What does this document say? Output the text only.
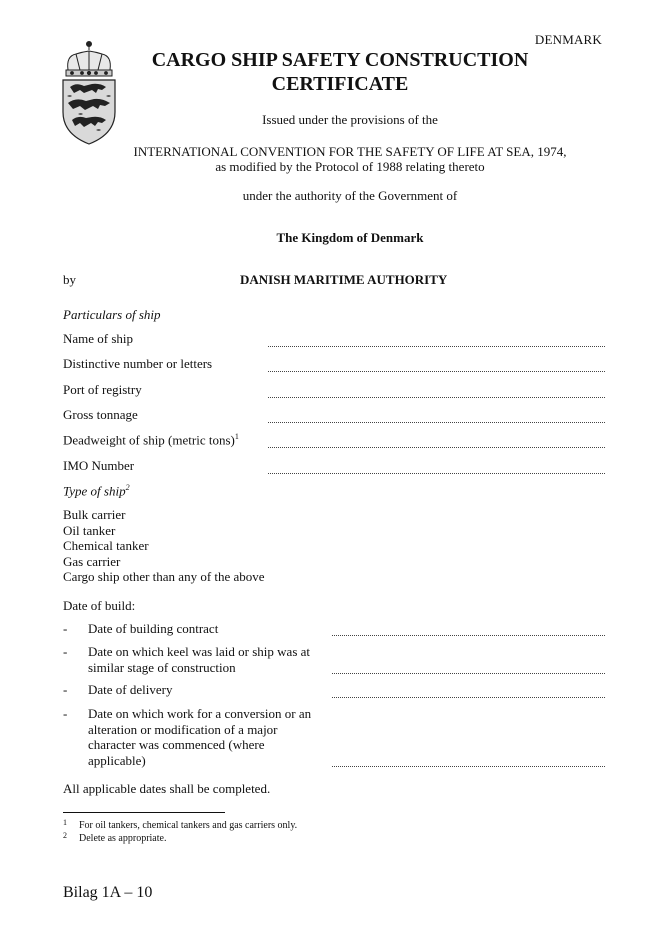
DENMARK
CARGO SHIP SAFETY CONSTRUCTION
CERTIFICATE
Issued under the provisions of the
INTERNATIONAL CONVENTION FOR THE SAFETY OF LIFE AT SEA, 1974,
as modified by the Protocol of 1988 relating thereto
under the authority of the Government of
The Kingdom of Denmark
by	DANISH MARITIME AUTHORITY
Particulars of ship
Name of ship
Distinctive number or letters
Port of registry
Gross tonnage
Deadweight of ship (metric tons)$^1$
IMO Number
Type of ship$^2$
Bulk carrier
Oil tanker
Chemical tanker
Gas carrier
Cargo ship other than any of the above
Date of build:
- Date of building contract
- Date on which keel was laid or ship was at
similar stage of construction
- Date of delivery
- Date on which work for a conversion or an
alteration or modification of a major
character was commenced (where
applicable)
All applicable dates shall be completed.
$^1$ For oil tankers, chemical tankers and gas carriers only.
$^2$ Delete as appropriate.
Bilag 1A – 10
